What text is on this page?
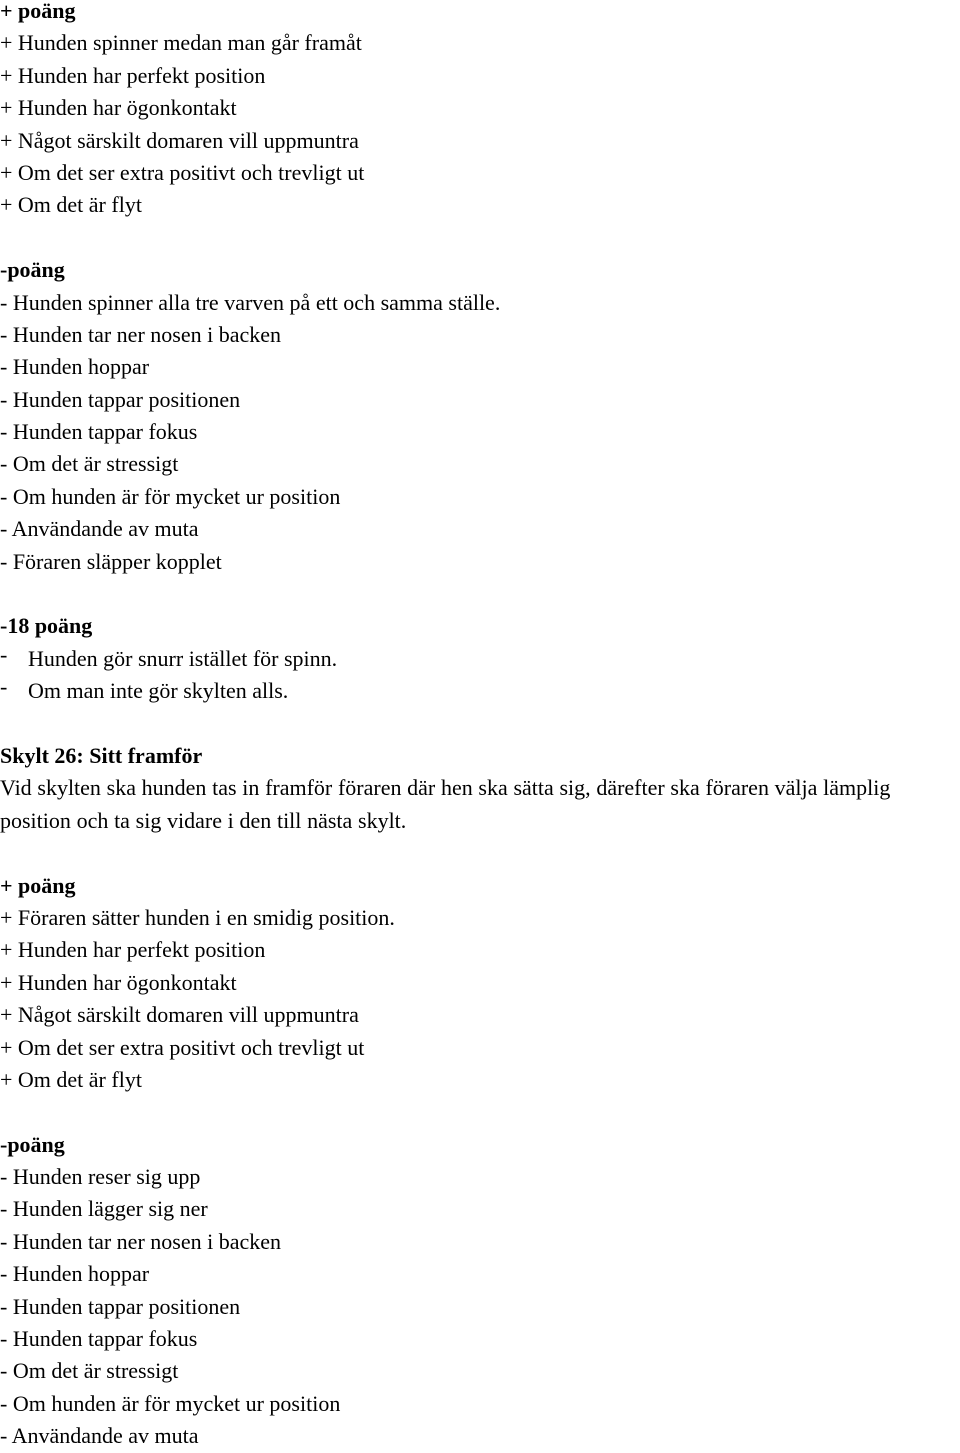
+ poäng
+ Hunden spinner medan man går framåt
+ Hunden har perfekt position
+ Hunden har ögonkontakt
+ Något särskilt domaren vill uppmuntra
+ Om det ser extra positivt och trevligt ut
+ Om det är flyt
-poäng
- Hunden spinner alla tre varven på ett och samma ställe.
- Hunden tar ner nosen i backen
- Hunden hoppar
- Hunden tappar positionen
- Hunden tappar fokus
- Om det är stressigt
- Om hunden är för mycket ur position
- Användande av muta
- Föraren släpper kopplet
-18 poäng
- Hunden gör snurr istället för spinn.
- Om man inte gör skylten alls.
Skylt 26: Sitt framför
Vid skylten ska hunden tas in framför föraren där hen ska sätta sig, därefter ska föraren välja lämplig position och ta sig vidare i den till nästa skylt.
+ poäng
+ Föraren sätter hunden i en smidig position.
+ Hunden har perfekt position
+ Hunden har ögonkontakt
+ Något särskilt domaren vill uppmuntra
+ Om det ser extra positivt och trevligt ut
+ Om det är flyt
-poäng
- Hunden reser sig upp
- Hunden lägger sig ner
- Hunden tar ner nosen i backen
- Hunden hoppar
- Hunden tappar positionen
- Hunden tappar fokus
- Om det är stressigt
- Om hunden är för mycket ur position
- Användande av muta
